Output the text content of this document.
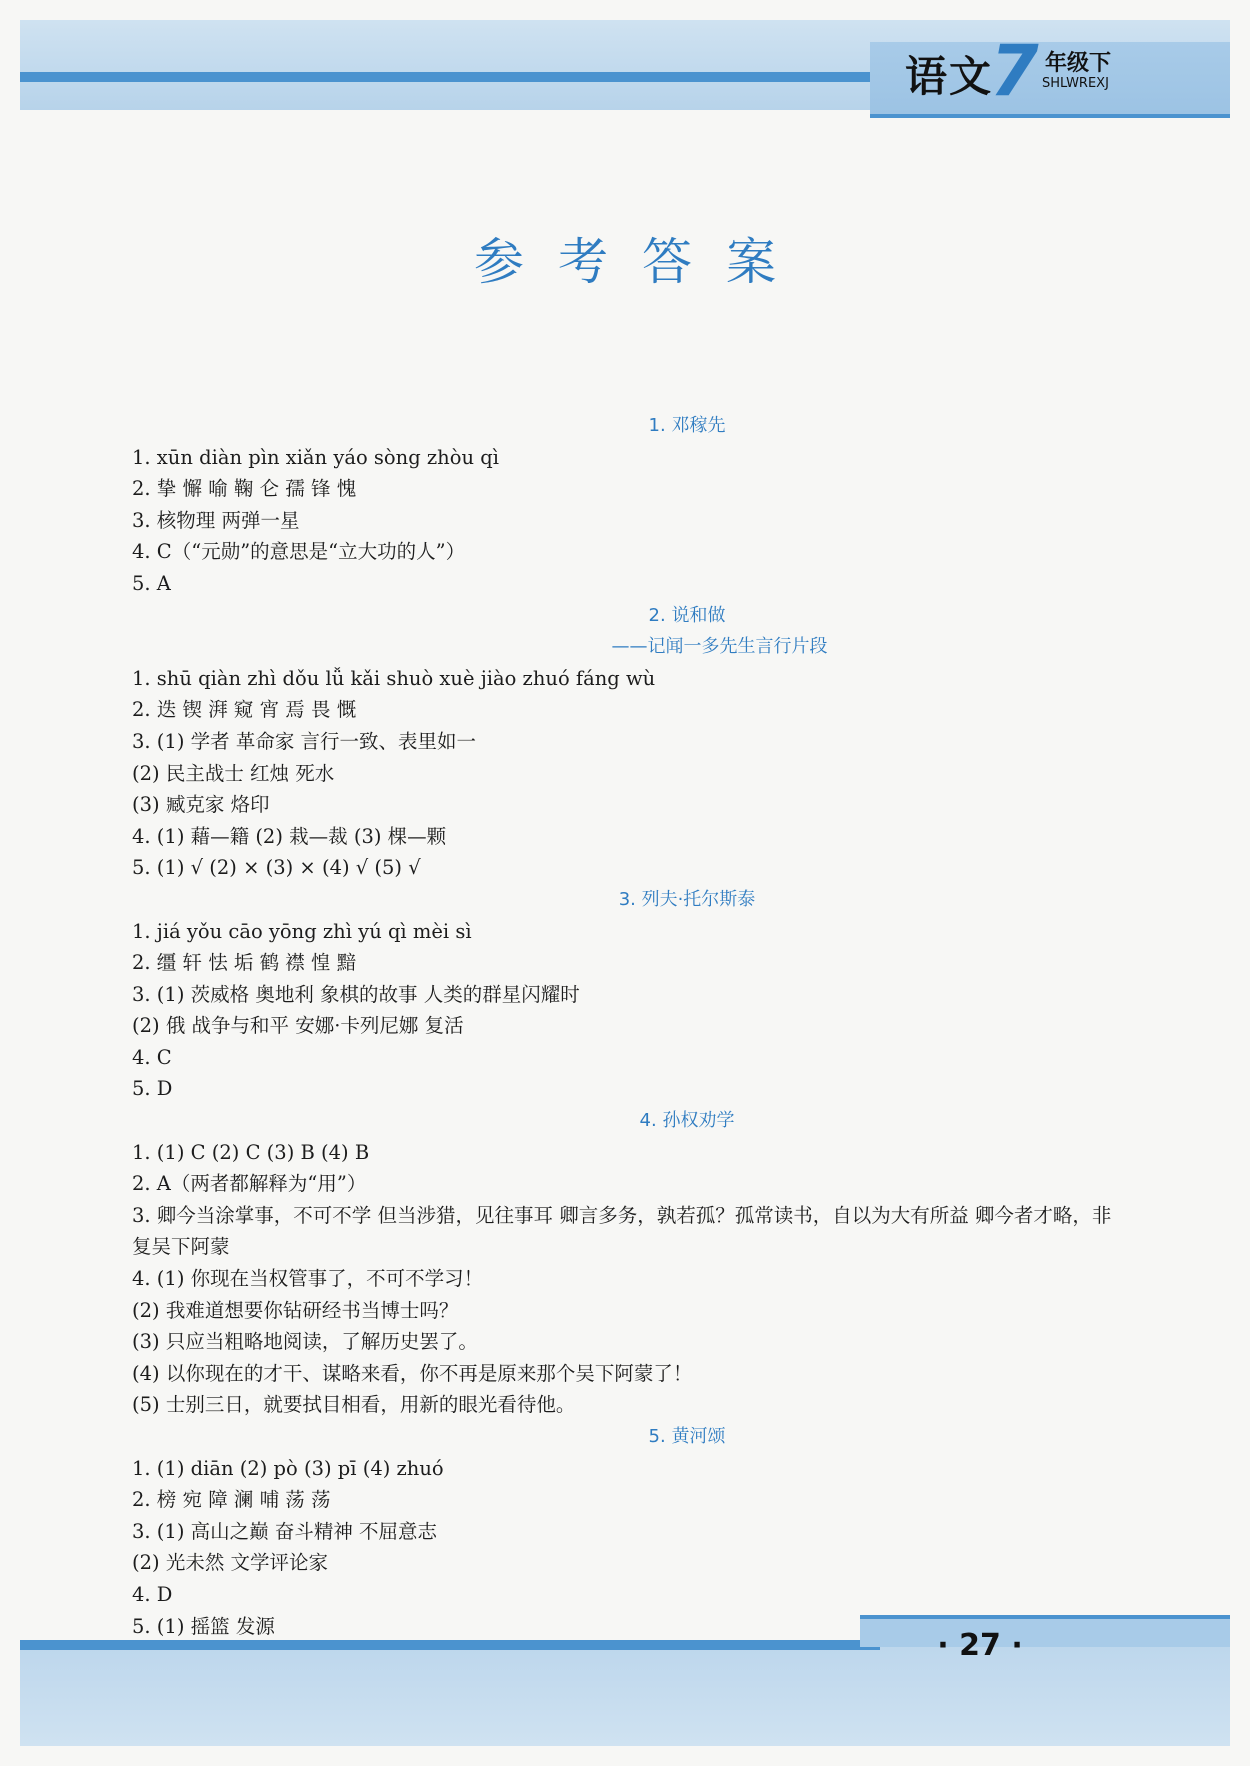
语文
7 年级下
SHLWREXJ
参考答案
1. 邓稼先
1. xūn diàn pìn xiǎn yáo sòng zhòu qì
2. 挚 懈 喻 鞠 仑 孺 锋 愧
3. 核物理 两弹一星
4. C（“元勋”的意思是“立大功的人”）
5. A
2. 说和做
——记闻一多先生言行片段
1. shū qiàn zhì dǒu lǚ kǎi shuò xuè jiào zhuó fáng wù
2. 迭 锲 湃 窥 宵 焉 畏 慨
3. (1) 学者 革命家 言行一致、表里如一
(2) 民主战士 红烛 死水
(3) 臧克家 烙印
4. (1) 藉—籍 (2) 栽—裁 (3) 棵—颗
5. (1) √ (2) × (3) × (4) √ (5) √
3. 列夫·托尔斯泰
1. jiá yǒu cāo yōng zhì yú qì mèi sì
2. 缰 轩 怯 垢 鹤 襟 惶 黯
3. (1) 茨威格 奥地利 象棋的故事 人类的群星闪耀时
(2) 俄 战争与和平 安娜·卡列尼娜 复活
4. C
5. D
4. 孙权劝学
1. (1) C (2) C (3) B (4) B
2. A（两者都解释为“用”）
3. 卿今当涂掌事，不可不学 但当涉猎，见往事耳 卿言多务，孰若孤？孤常读书，自以为大有所益 卿今者才略，非复吴下阿蒙
4. (1) 你现在当权管事了，不可不学习！
(2) 我难道想要你钻研经书当博士吗？
(3) 只应当粗略地阅读，了解历史罢了。
(4) 以你现在的才干、谋略来看，你不再是原来那个吴下阿蒙了！
(5) 士别三日，就要拭目相看，用新的眼光看待他。
5. 黄河颂
1. (1) diān (2) pò (3) pī (4) zhuó
2. 榜 宛 障 澜 哺 荡 荡
3. (1) 高山之巅 奋斗精神 不屈意志
(2) 光未然 文学评论家
4. D
5. (1) 摇篮 发源
· 27 ·
